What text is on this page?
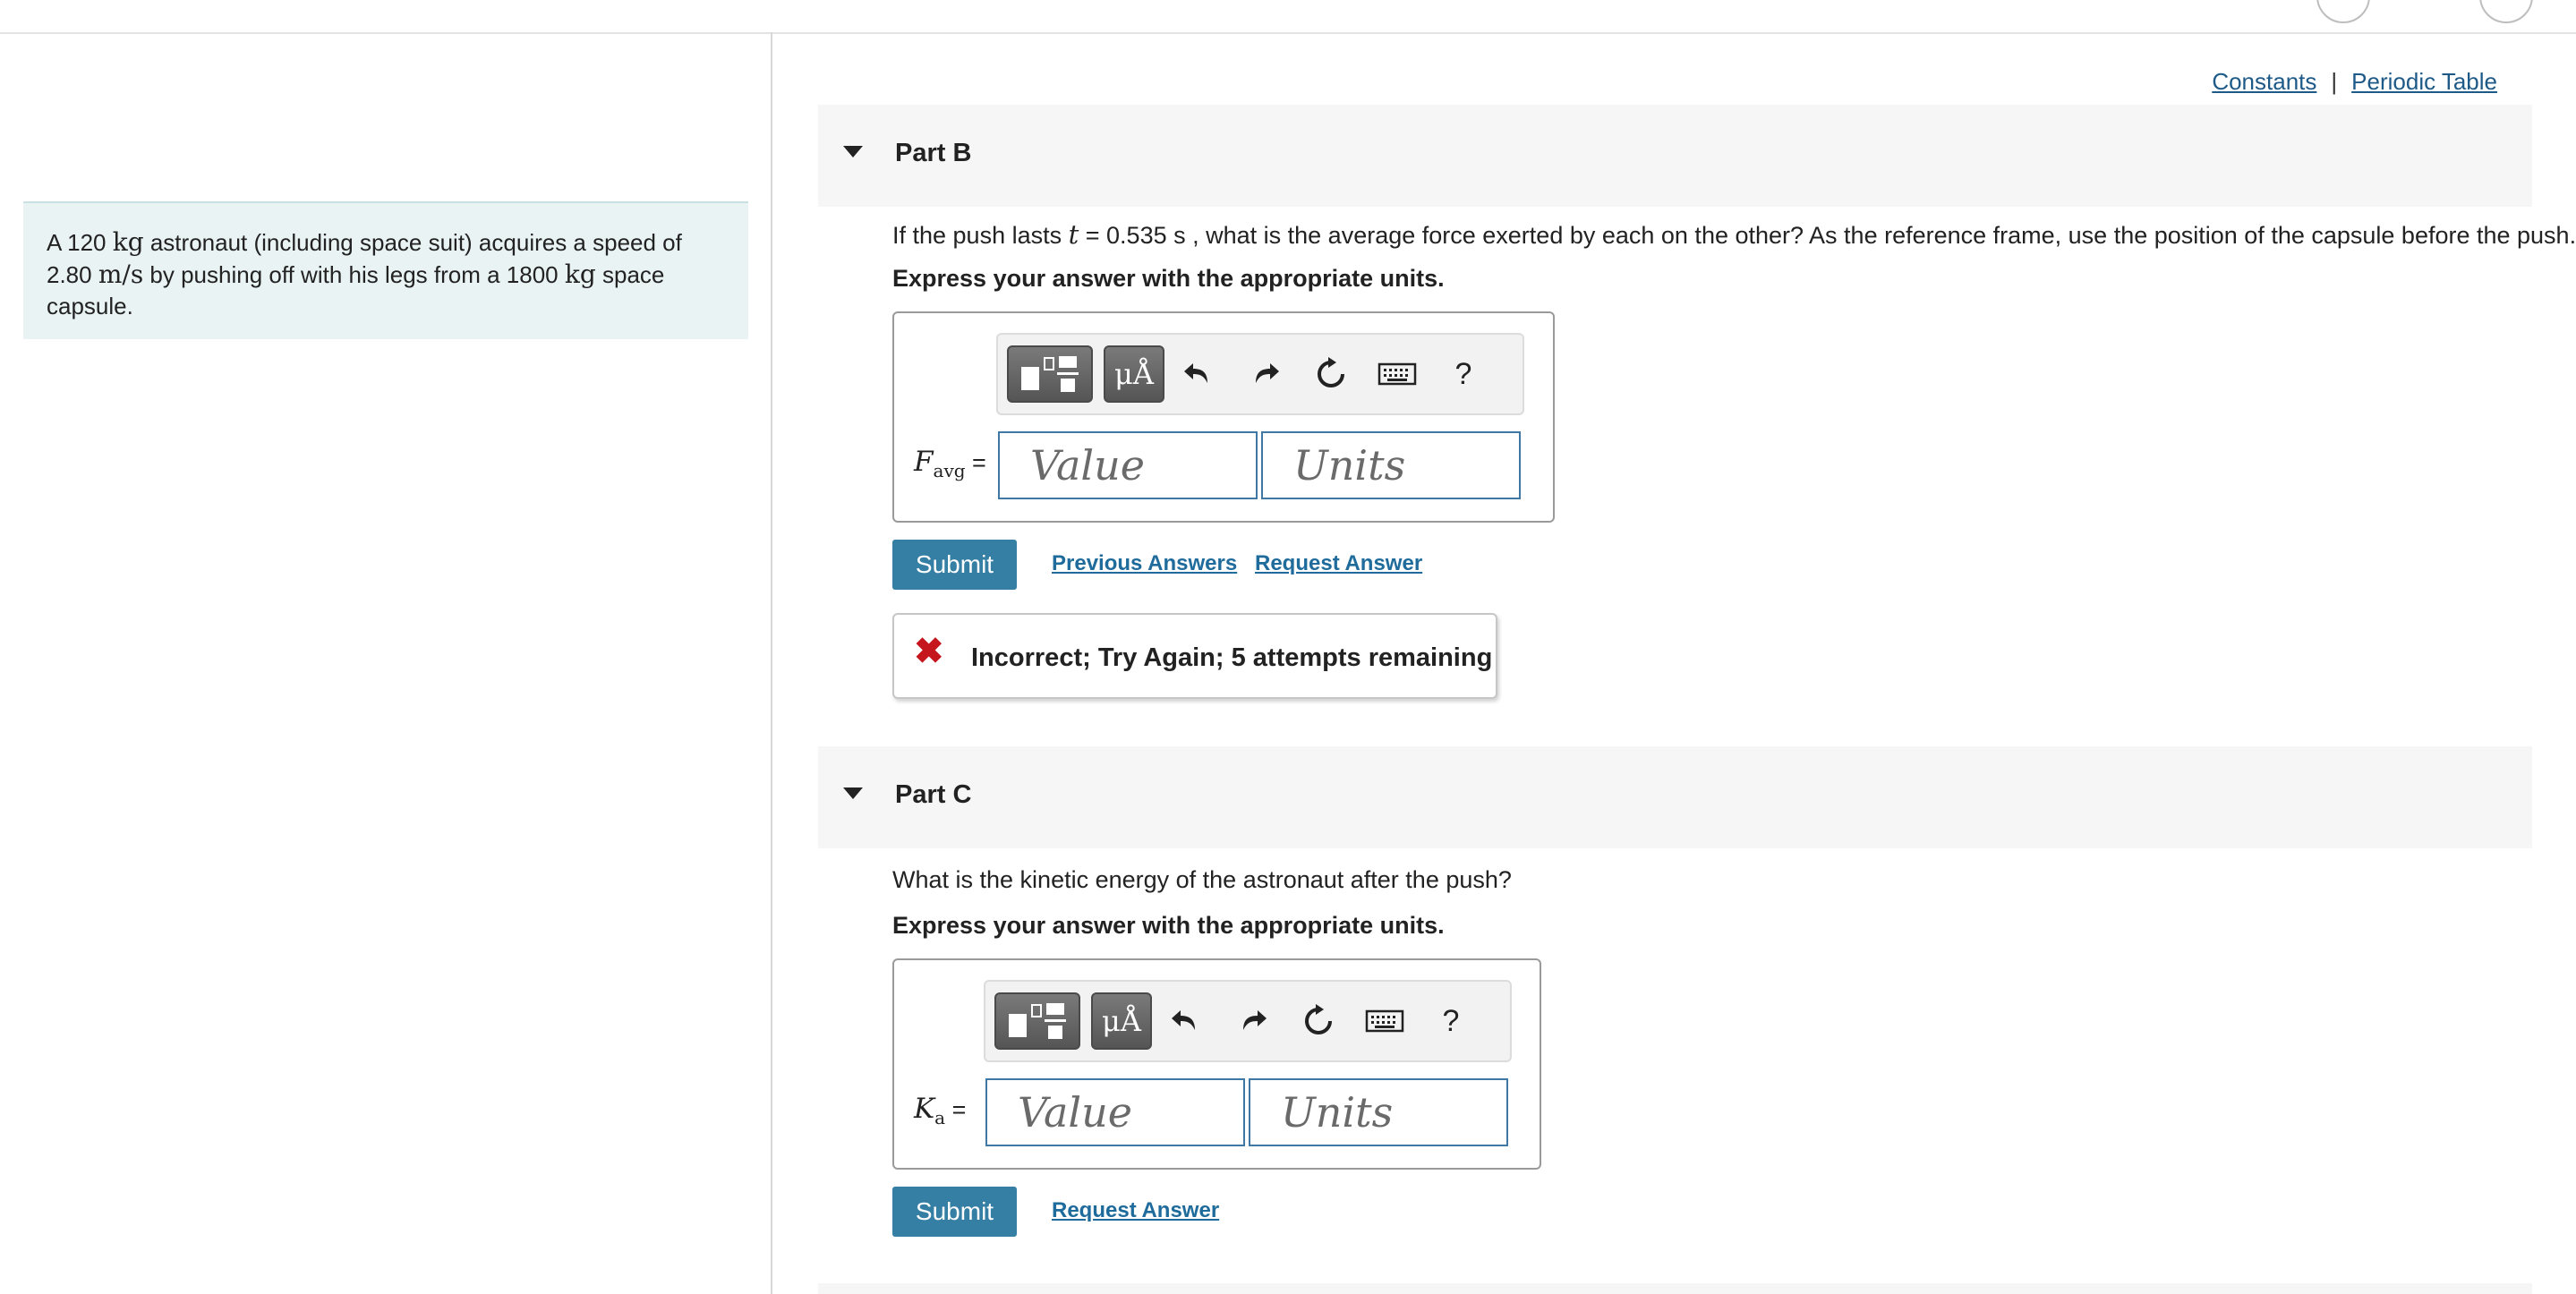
A 120 kg astronaut (including space suit) acquires a speed of
2.80 m/s by pushing off with his legs from a 1800 kg space
capsule.
Constants | Periodic Table
Part B
If the push lasts t = 0.535 s , what is the average force exerted by each on the other? As the reference frame, use the position of the capsule before the push.
Express your answer with the appropriate units.
μÅ	?
$F_{avg}$ =
Value
Units
Submit	Previous Answers Request Answer
✖ Incorrect; Try Again; 5 attempts remaining
Part C
What is the kinetic energy of the astronaut after the push?
Express your answer with the appropriate units.
μÅ	?
$K_a$ =
Value
Units
Submit	Request Answer
